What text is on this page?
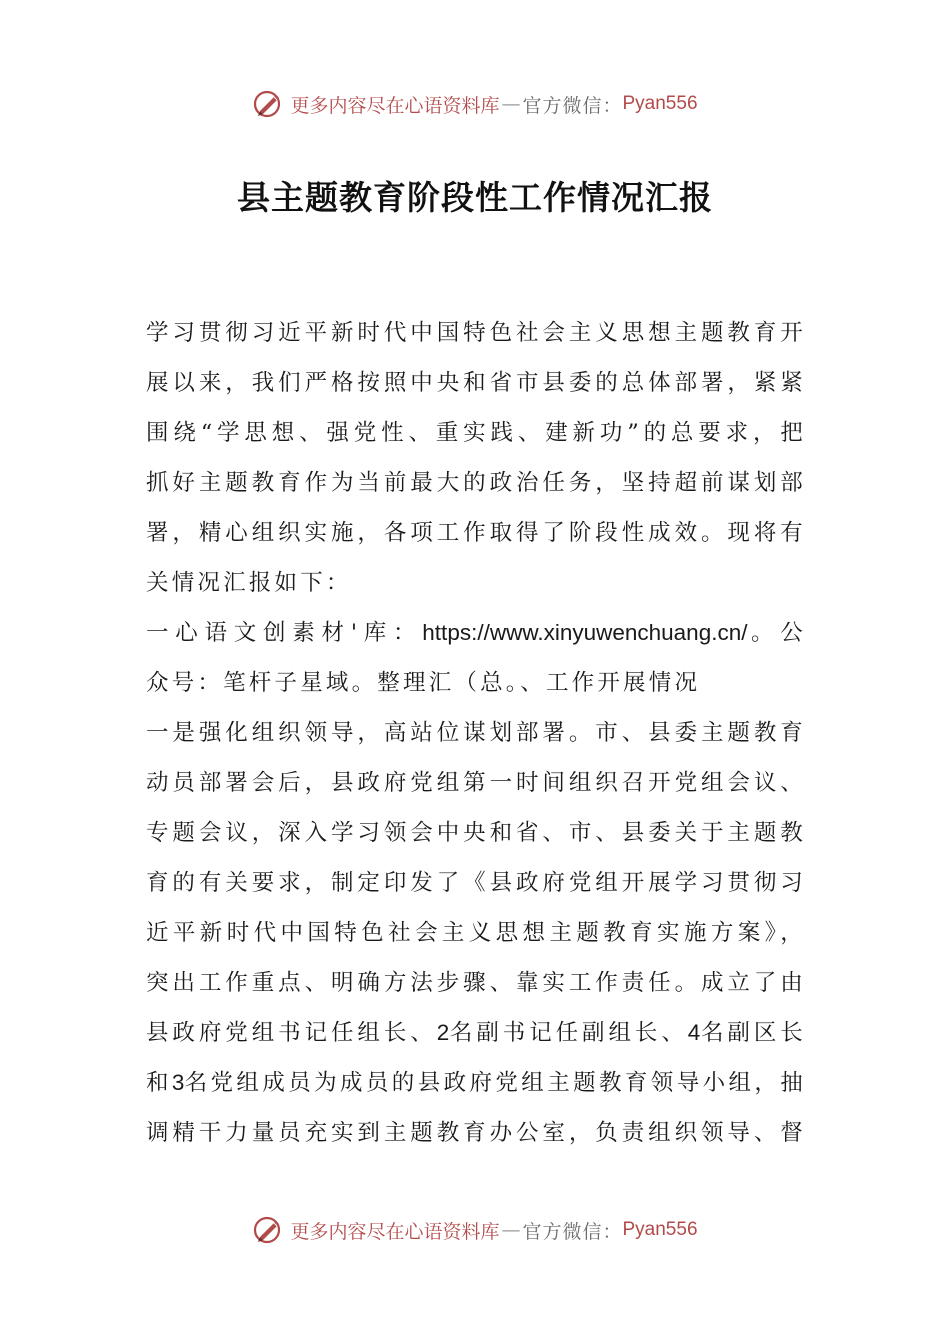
更多内容尽在心语资料库 — 官方微信： Pyan556
县主题教育阶段性工作情况汇报
学习贯彻习近平新时代中国特色社会主义思想主题教育开
展以来，我们严格按照中央和省市县委的总体部署，紧紧
围绕“学思想、强党性、重实践、建新功”的总要求，把
抓好主题教育作为当前最大的政治任务，坚持超前谋划部
署，精心组织实施，各项工作取得了阶段性成效。现将有
关情况汇报如下：
一心语文创素材'库：https://www.xinyuwenchuang.cn/。公
众号：笔杆子星域。整理汇（总。、工作开展情况
一是强化组织领导，高站位谋划部署。市、县委主题教育
动员部署会后，县政府党组第一时间组织召开党组会议、
专题会议，深入学习领会中央和省、市、县委关于主题教
育的有关要求，制定印发了《县政府党组开展学习贯彻习
近平新时代中国特色社会主义思想主题教育实施方案》，
突出工作重点、明确方法步骤、靠实工作责任。成立了由
县政府党组书记任组长、2名副书记任副组长、4名副区长
和3名党组成员为成员的县政府党组主题教育领导小组，抽
调精干力量员充实到主题教育办公室，负责组织领导、督
更多内容尽在心语资料库 — 官方微信： Pyan556
